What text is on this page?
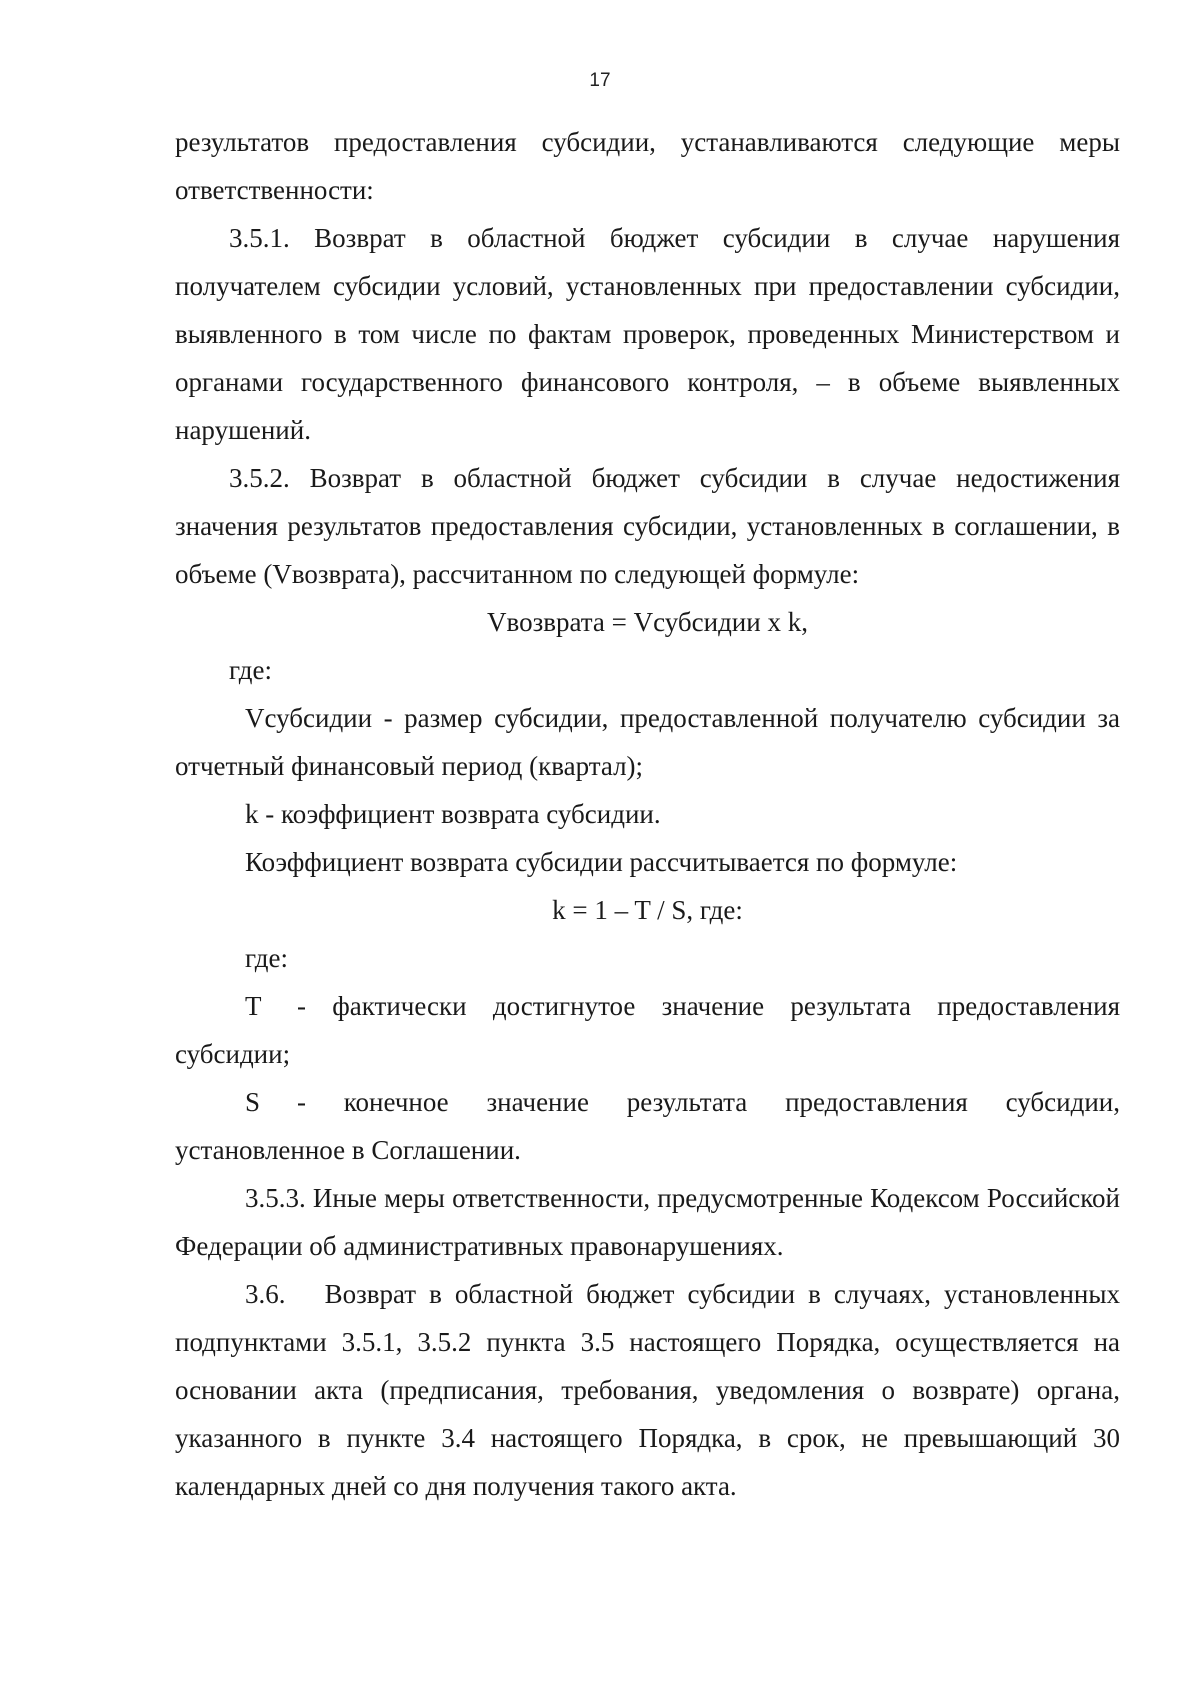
17

результатов предоставления субсидии, устанавливаются следующие меры ответственности:

3.5.1. Возврат в областной бюджет субсидии в случае нарушения получателем субсидии условий, установленных при предоставлении субсидии, выявленного в том числе по фактам проверок, проведенных Министерством и органами государственного финансового контроля, – в объеме выявленных нарушений.

3.5.2. Возврат в областной бюджет субсидии в случае недостижения значения результатов предоставления субсидии, установленных в соглашении, в объеме (Vвозврата), рассчитанном по следующей формуле:

Vвозврата = Vсубсидии x k,

где:

Vсубсидии - размер субсидии, предоставленной получателю субсидии за отчетный финансовый период (квартал);

k - коэффициент возврата субсидии.

Коэффициент возврата субсидии рассчитывается по формуле:

k = 1 – T / S, где:

где:

T - фактически достигнутое значение результата предоставления субсидии;

S - конечное значение результата предоставления субсидии, установленное в Соглашении.

3.5.3. Иные меры ответственности, предусмотренные Кодексом Российской Федерации об административных правонарушениях.

3.6.   Возврат в областной бюджет субсидии в случаях, установленных подпунктами 3.5.1, 3.5.2 пункта 3.5 настоящего Порядка, осуществляется на основании акта (предписания, требования, уведомления о возврате) органа, указанного в пункте 3.4 настоящего Порядка, в срок, не превышающий 30 календарных дней со дня получения такого акта.
